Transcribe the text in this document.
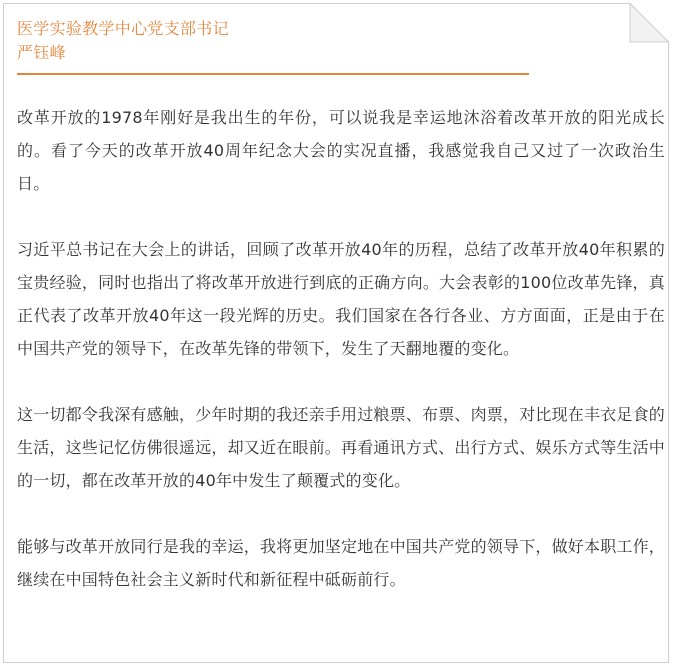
医学实验教学中心党支部书记
严钰峰

改革开放的1978年刚好是我出生的年份，可以说我是幸运地沐浴着改革开放的阳光成长的。看了今天的改革开放40周年纪念大会的实况直播，我感觉我自己又过了一次政治生日。

习近平总书记在大会上的讲话，回顾了改革开放40年的历程，总结了改革开放40年积累的宝贵经验，同时也指出了将改革开放进行到底的正确方向。大会表彰的100位改革先锋，真正代表了改革开放40年这一段光辉的历史。我们国家在各行各业、方方面面，正是由于在中国共产党的领导下，在改革先锋的带领下，发生了天翻地覆的变化。

这一切都令我深有感触，少年时期的我还亲手用过粮票、布票、肉票，对比现在丰衣足食的生活，这些记忆仿佛很遥远，却又近在眼前。再看通讯方式、出行方式、娱乐方式等生活中的一切，都在改革开放的40年中发生了颠覆式的变化。

能够与改革开放同行是我的幸运，我将更加坚定地在中国共产党的领导下，做好本职工作，继续在中国特色社会主义新时代和新征程中砥砺前行。
